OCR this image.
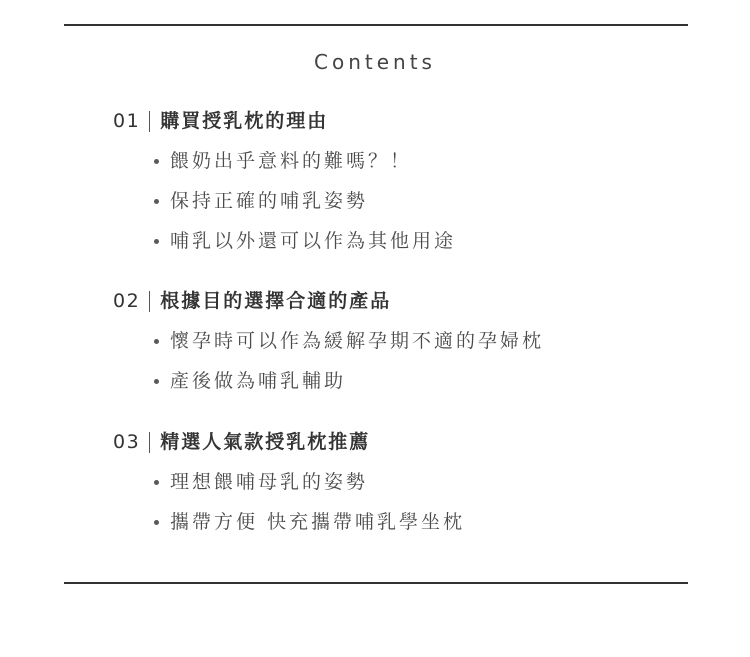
Contents
01 購買授乳枕的理由
餵奶出乎意料的難嗎？！
保持正確的哺乳姿勢
哺乳以外還可以作為其他用途
02 根據目的選擇合適的產品
懷孕時可以作為緩解孕期不適的孕婦枕
產後做為哺乳輔助
03 精選人氣款授乳枕推薦
理想餵哺母乳的姿勢
攜帶方便 快充攜帶哺乳學坐枕
